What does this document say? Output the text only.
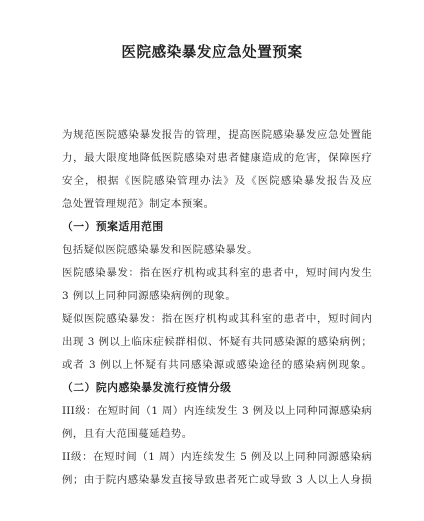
医院感染暴发应急处置预案
为规范医院感染暴发报告的管理，提高医院感染暴发应急处置能
力，最大限度地降低医院感染对患者健康造成的危害，保障医疗
安全，根据《医院感染管理办法》及《医院感染暴发报告及应
急处置管理规范》制定本预案。
（一）预案适用范围
包括疑似医院感染暴发和医院感染暴发。
医院感染暴发：指在医疗机构或其科室的患者中，短时间内发生
3 例以上同种同源感染病例的现象。
疑似医院感染暴发：指在医疗机构或其科室的患者中，短时间内
出现 3 例以上临床症候群相似、怀疑有共同感染源的感染病例；
或者 3 例以上怀疑有共同感染源或感染途径的感染病例现象。
（二）院内感染暴发流行疫情分级
III级：在短时间（1 周）内连续发生 3 例及以上同种同源感染病
例，且有大范围蔓延趋势。
II级：在短时间（1 周）内连续发生 5 例及以上同种同源感染病
例；由于院内感染暴发直接导致患者死亡或导致 3 人以上人身损
